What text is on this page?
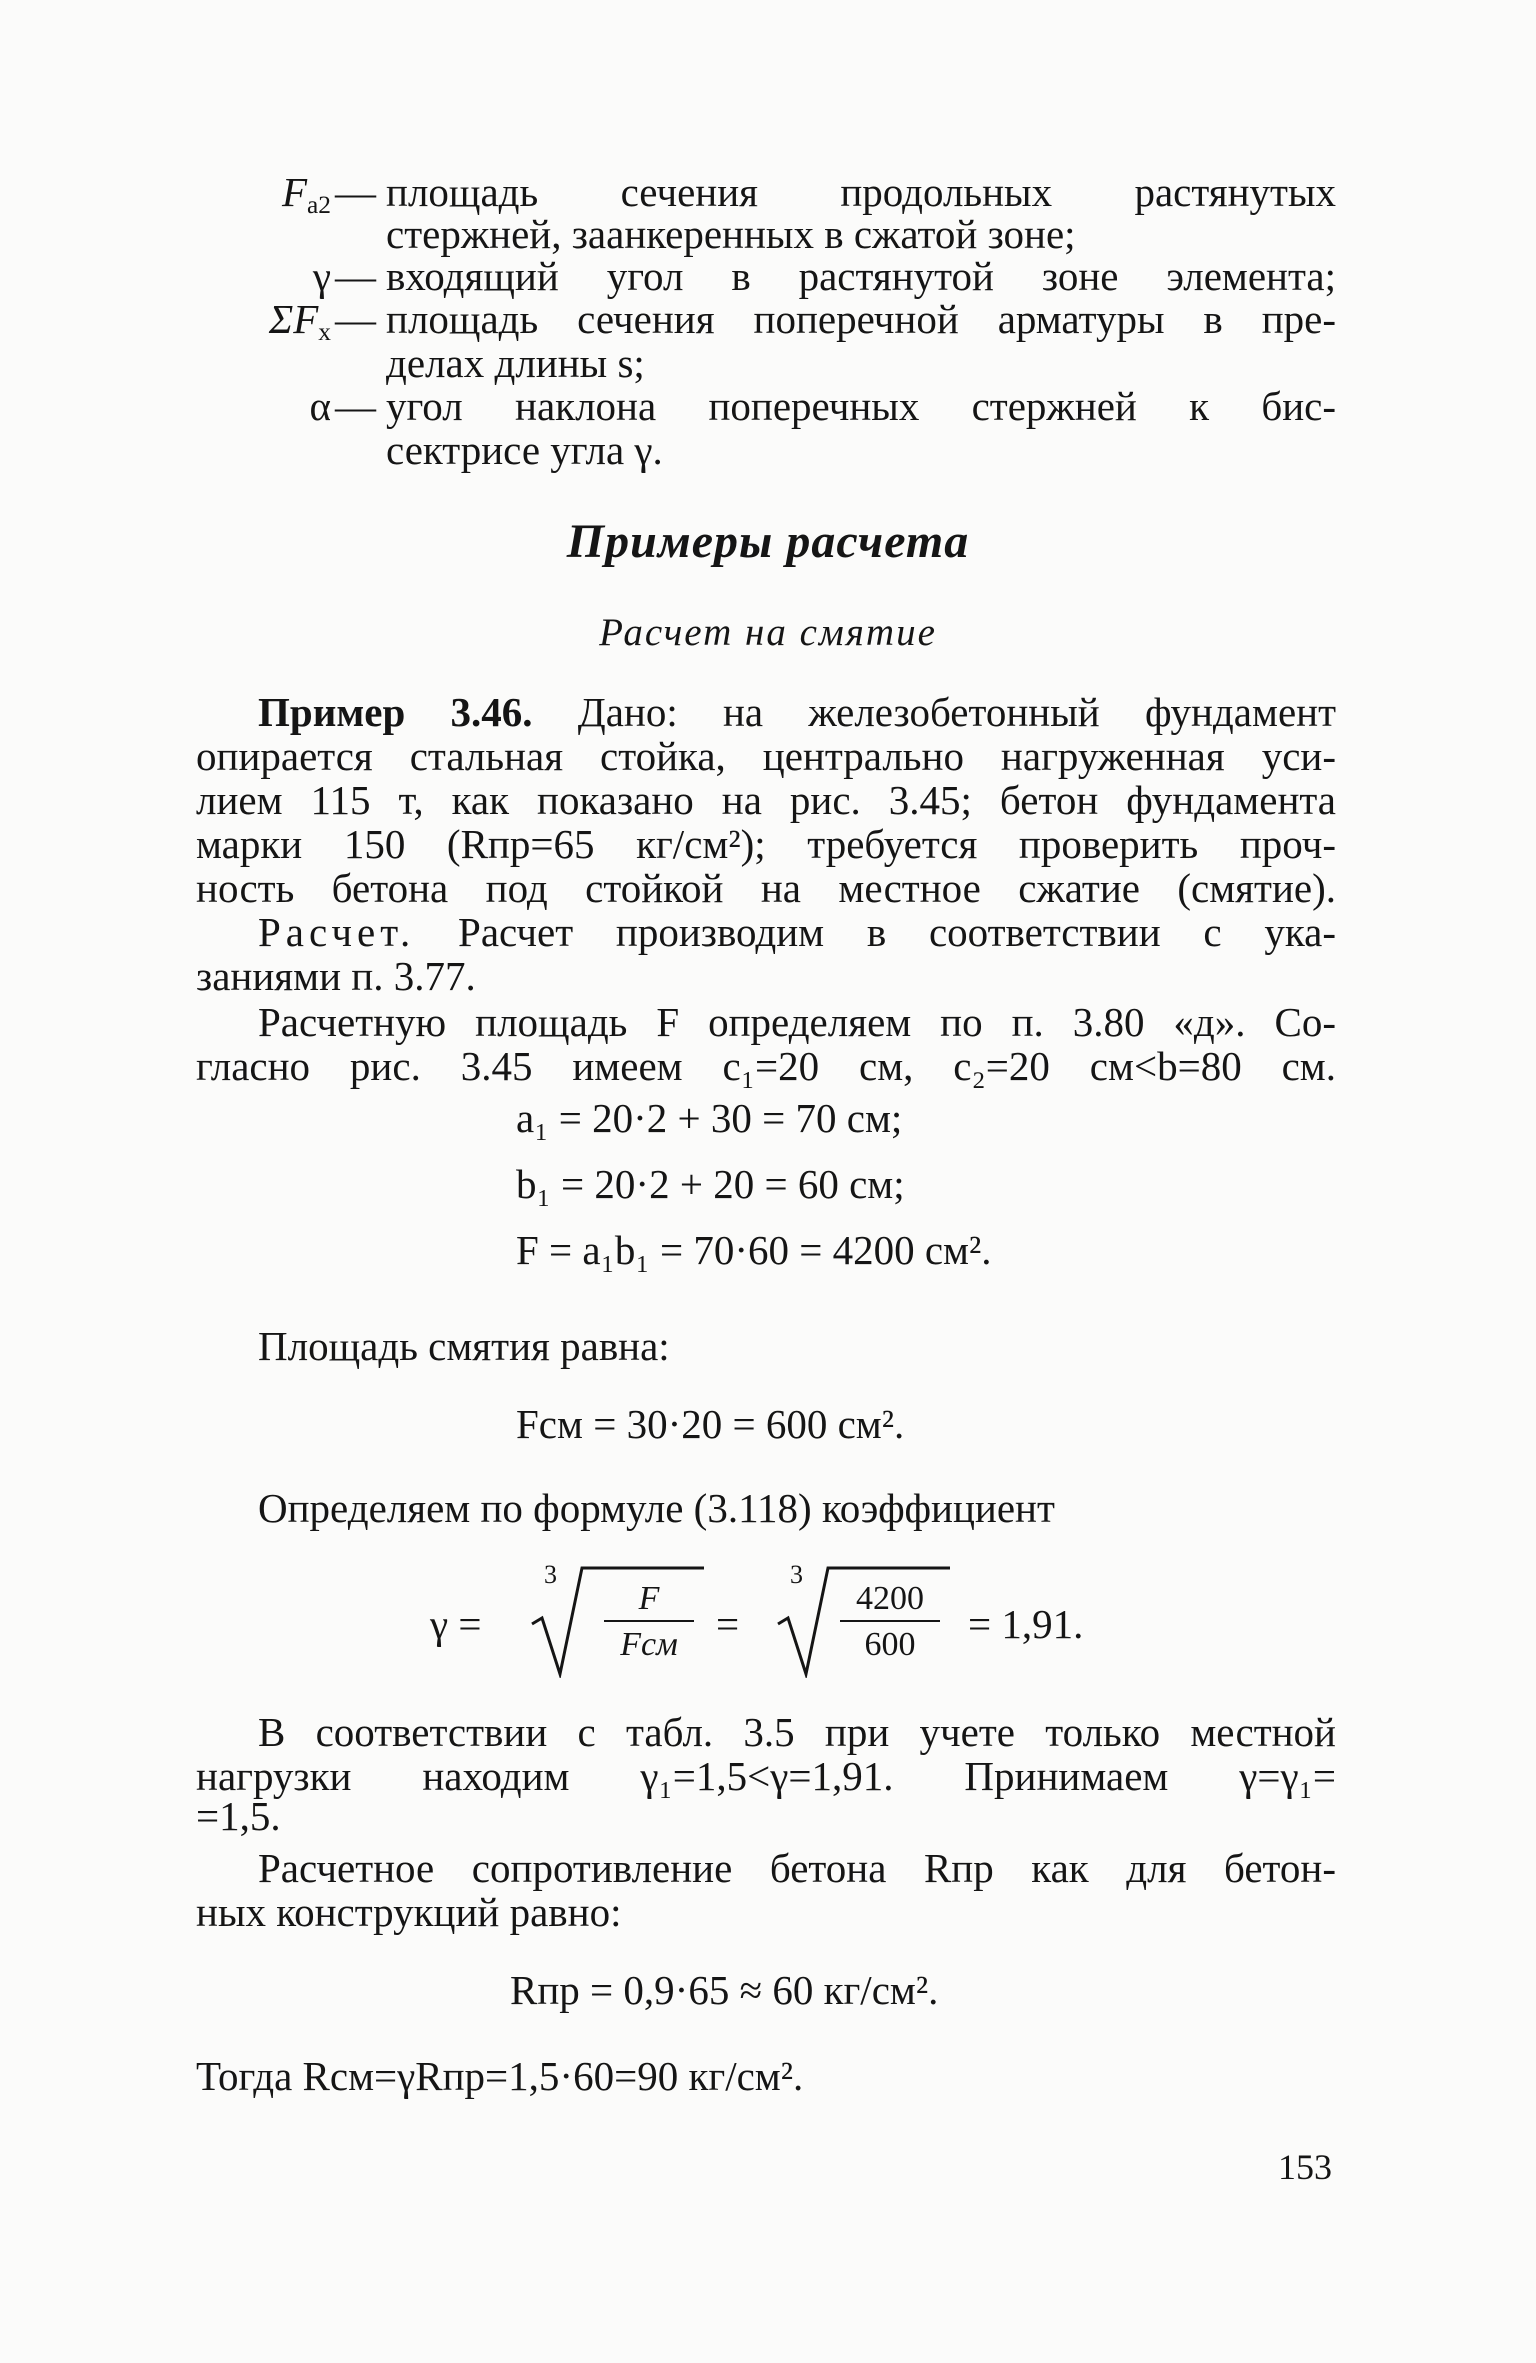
$F_{а2}—$ площадь сечения продольных растянутых
стержней, заанкеренных в сжатой зоне;
γ— входящий угол в растянутой зоне элемента;
$\Sigma F_x—$ площадь сечения поперечной арматуры в пре-
делах длины s;
α— угол наклона поперечных стержней к бис-
сектрисе угла γ.
Примеры расчета
Расчет на смятие
Пример 3.46. Дано: на железобетонный фундамент
опирается стальная стойка, центрально нагруженная уси-
лием 115 т, как показано на рис. 3.45; бетон фундамента
марки 150 (Rпр=65 кг/см²); требуется проверить проч-
ность бетона под стойкой на местное сжатие (смятие).
Расчет. Расчет производим в соответствии с ука-
заниями п. 3.77.
Расчетную площадь F определяем по п. 3.80 «д». Со-
гласно рис. 3.45 имеем c₁=20 см, c₂=20 см<b=80 см.
a₁ = 20·2 + 30 = 70 см;
b₁ = 20·2 + 20 = 60 см;
F = a₁b₁ = 70·60 = 4200 см².
Площадь смятия равна:
Fсм = 30·20 = 600 см².
Определяем по формуле (3.118) коэффициент
γ =
3
F
Fсм =
3
4200
600	= 1,91.
В соответствии с табл. 3.5 при учете только местной
нагрузки находим γ₁=1,5<γ=1,91. Принимаем γ=γ₁=
=1,5.
Расчетное сопротивление бетона Rпр как для бетон-
ных конструкций равно:
Rпр = 0,9·65 ≈ 60 кг/см².
Тогда Rсм=γRпр=1,5·60=90 кг/см².
153
